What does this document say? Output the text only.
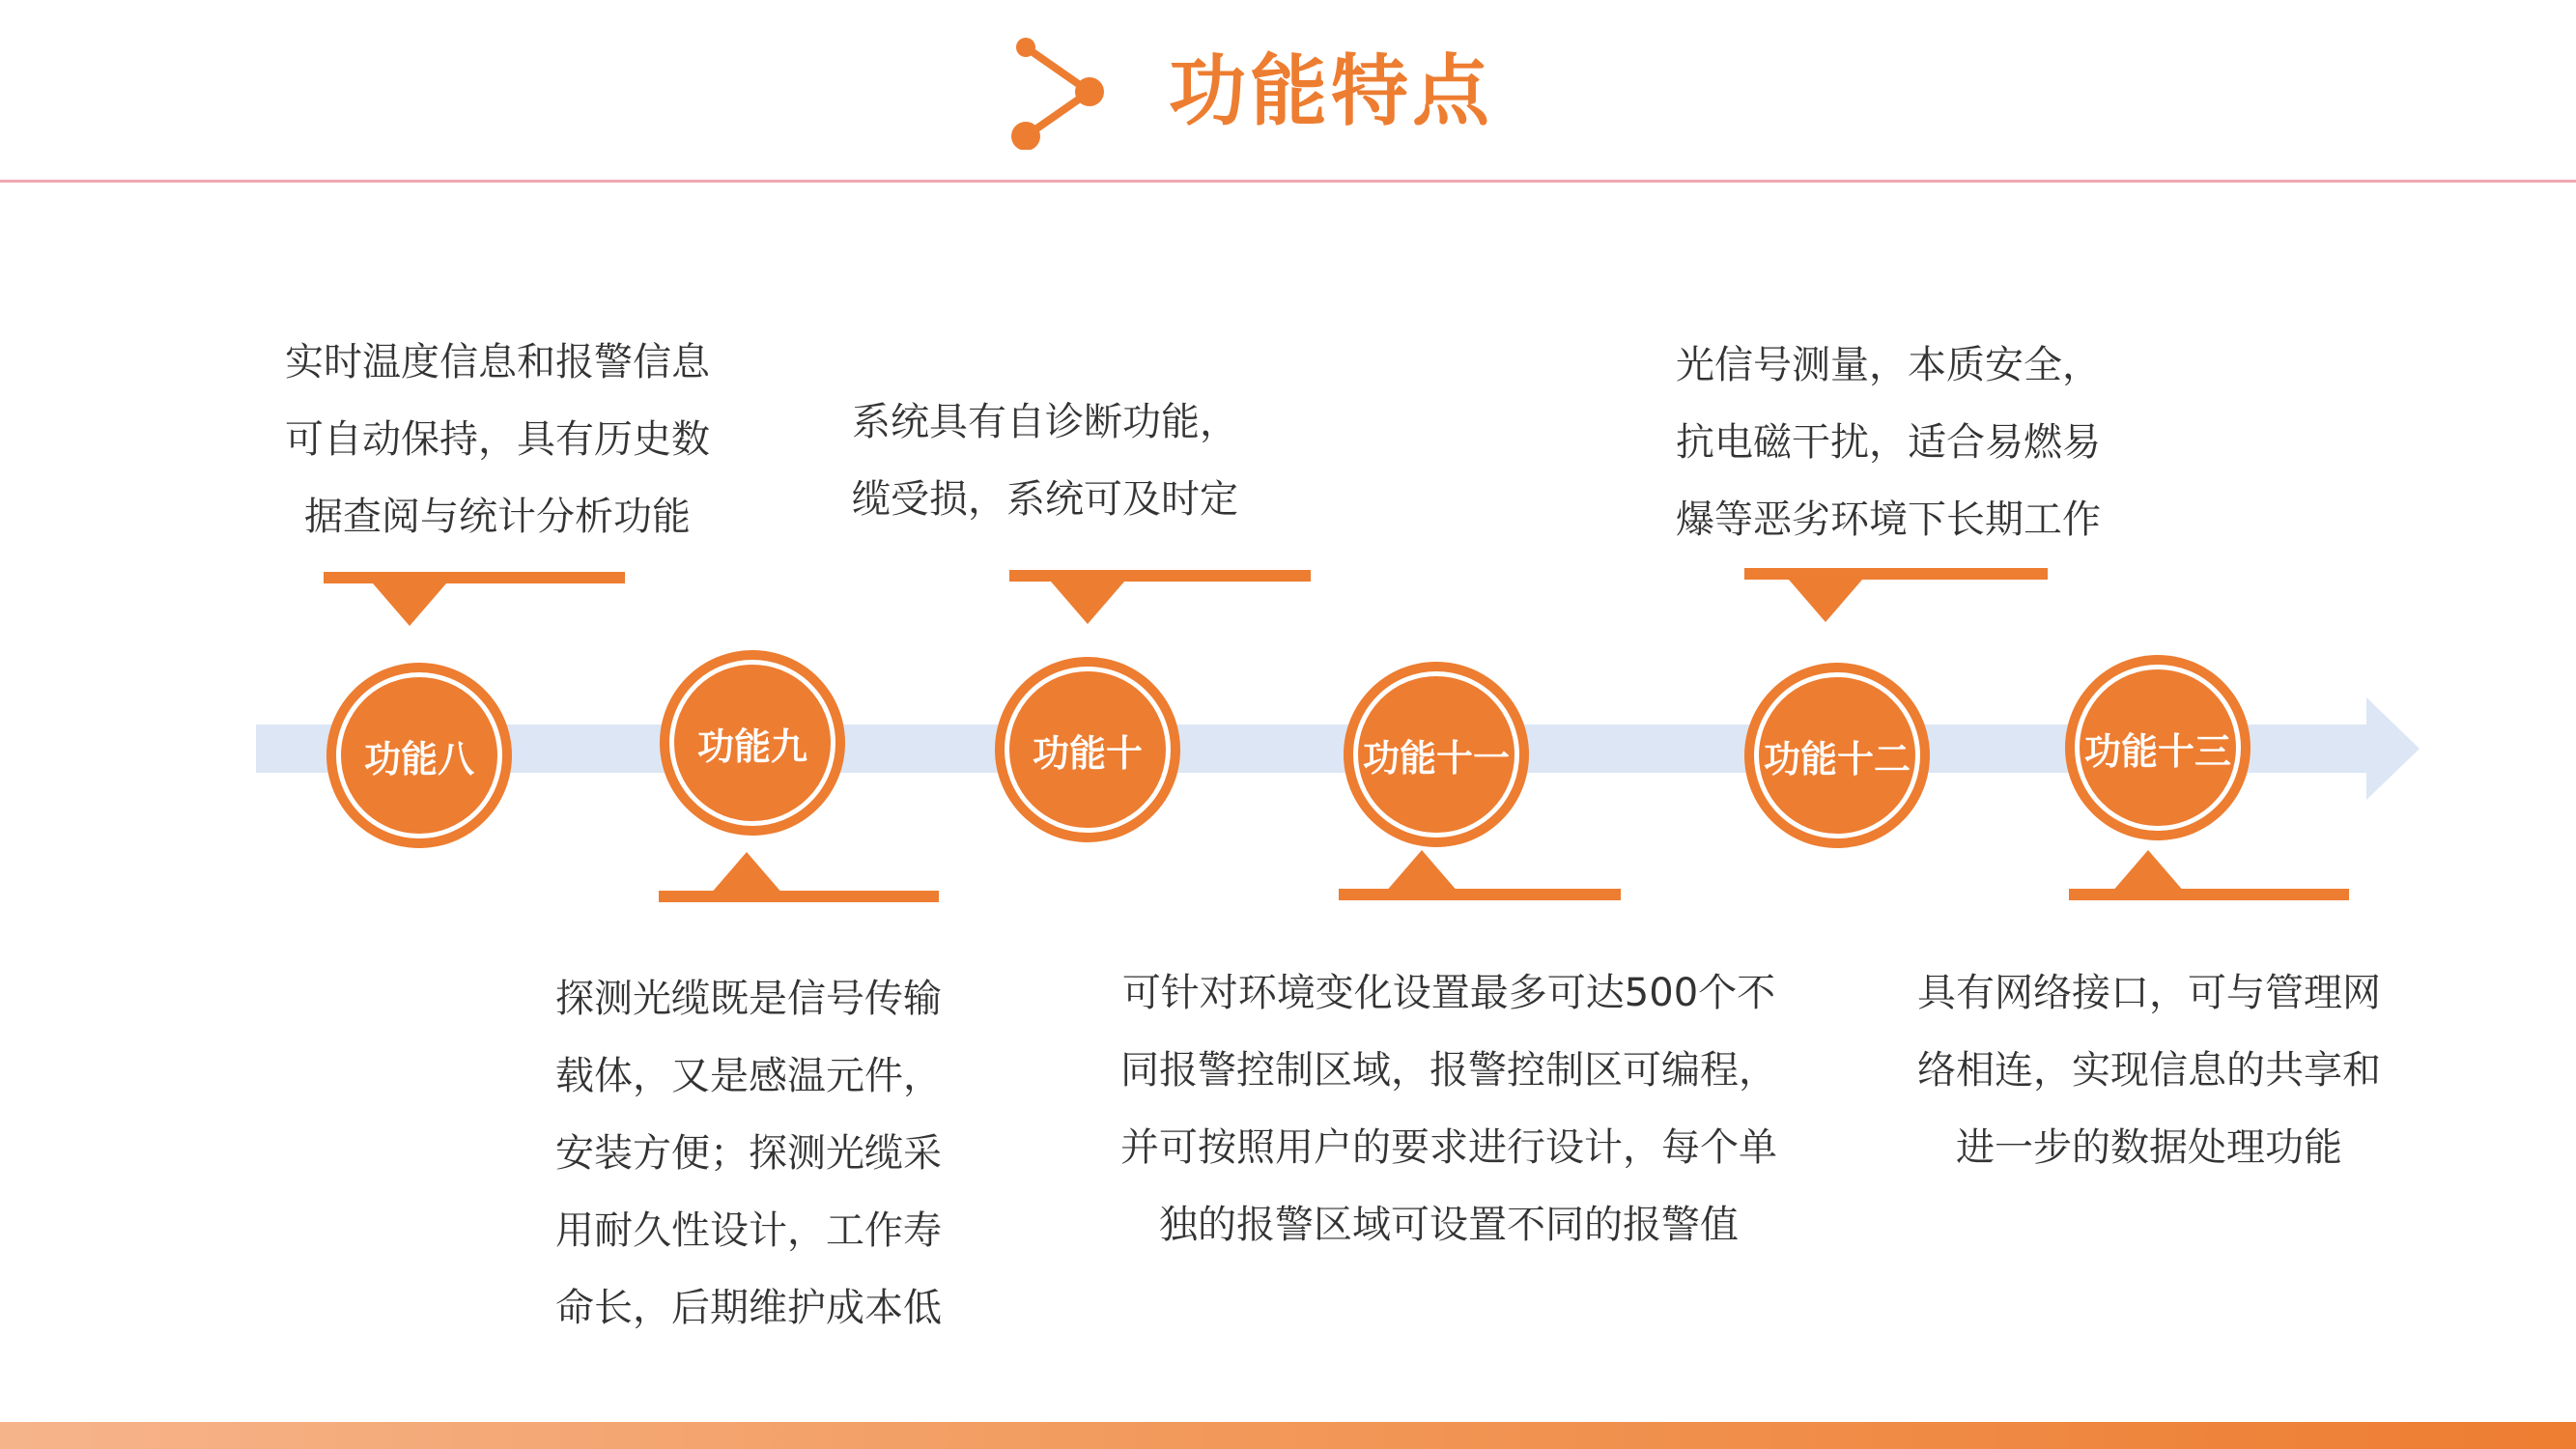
功能特点
实时温度信息和报警信息
可自动保持，具有历史数
据查阅与统计分析功能
功能八	功能九
探测光缆既是信号传输
载体，又是感温元件，
安装方便；探测光缆采
用耐久性设计，工作寿
命长，后期维护成本低
系统具有自诊断功能，
缆受损，系统可及时定
功能十	功能十一
可针对环境变化设置最多可达500个不
同报警控制区域，报警控制区可编程，
并可按照用户的要求进行设计，每个单
独的报警区域可设置不同的报警值
光信号测量，本质安全，
抗电磁干扰，适合易燃易
爆等恶劣环境下长期工作
功能十二	功能十三
具有网络接口，可与管理网
络相连，实现信息的共享和
进一步的数据处理功能
